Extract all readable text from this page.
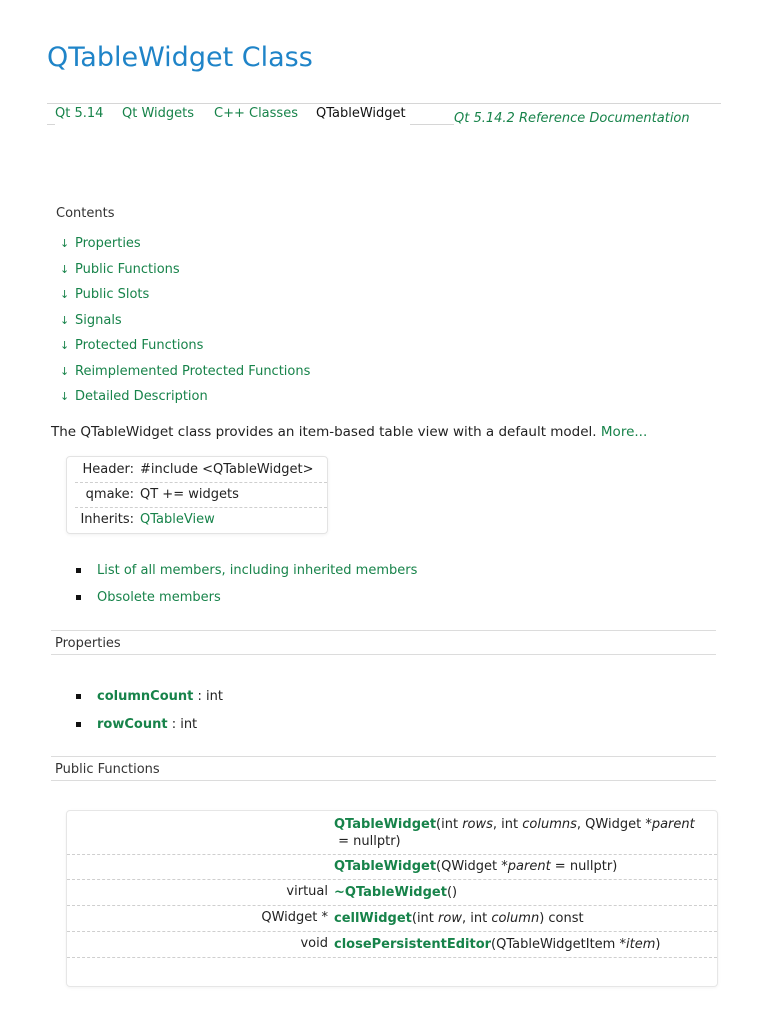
QTableWidget Class
Qt 5.14 Qt Widgets C++ Classes QTableWidget	Qt 5.14.2 Reference Documentation
Contents
↓ Properties
↓ Public Functions
↓ Public Slots
↓ Signals
↓ Protected Functions
↓ Reimplemented Protected Functions
↓ Detailed Description
The QTableWidget class provides an item-based table view with a default model. More...
Header: #include <QTableWidget>
qmake: QT += widgets
Inherits: QTableView
List of all members, including inherited members
Obsolete members
Properties
columnCount : int
rowCount : int
Public Functions
QTableWidget(int rows, int columns, QWidget *parent = nullptr)
QTableWidget(QWidget *parent = nullptr)
virtual ~QTableWidget()
QWidget * cellWidget(int row, int column) const
void closePersistentEditor(QTableWidgetItem *item)
